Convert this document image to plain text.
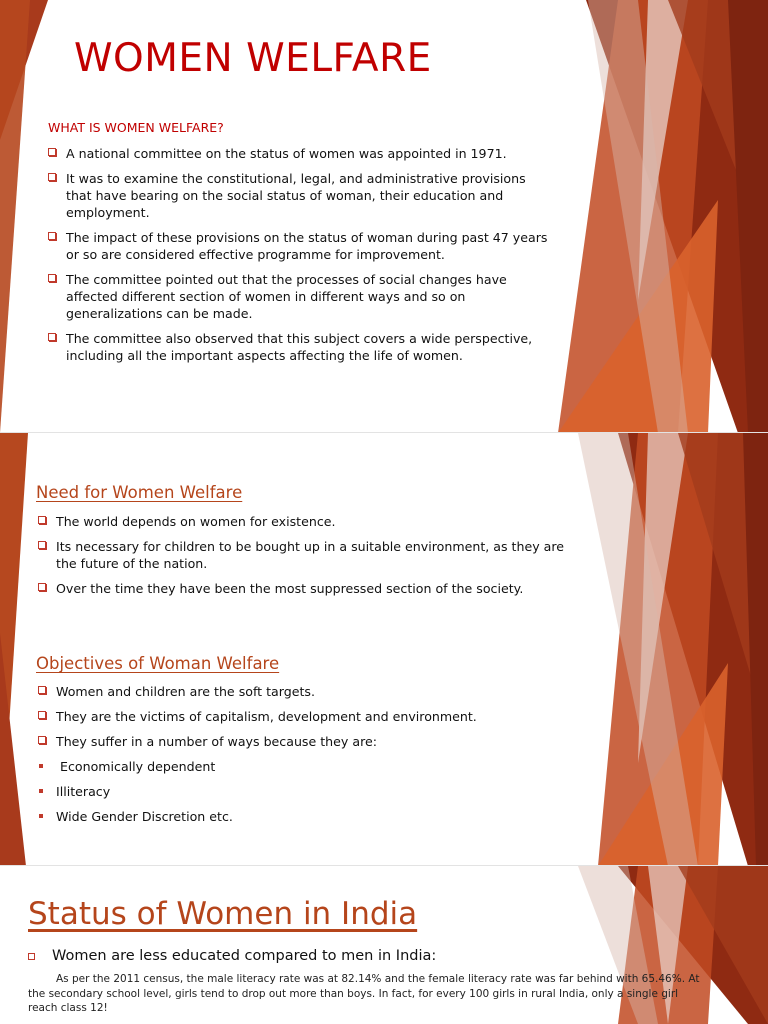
WOMEN WELFARE
WHAT IS WOMEN WELFARE?
A national committee on the status of women was appointed in 1971.
It was to examine the constitutional, legal, and administrative provisions that have bearing on the social status of woman, their education and employment.
The impact of these provisions on the status of woman during past 47 years or so are considered effective programme for improvement.
The committee pointed out that the processes of social changes have affected different section of women in different ways and so on generalizations can be made.
The committee also observed that this subject covers a wide perspective, including all the important aspects affecting the life of women.
Need for Women Welfare
The world depends on women for existence.
Its necessary for children to be bought up in a suitable environment, as they are the future of the nation.
Over the time they have been the most suppressed section of the society.
Objectives of Woman Welfare
Women and children are the soft targets.
They are the victims of capitalism, development and environment.
They suffer in a number of ways because they are:
Economically dependent
Illiteracy
Wide Gender Discretion etc.
Status of Women in India
Women are less educated compared to men in India:
As per the 2011 census, the male literacy rate was at 82.14% and the female literacy rate was far behind with 65.46%. At the secondary school level, girls tend to drop out more than boys. In fact, for every 100 girls in rural India, only a single girl reach class 12!
